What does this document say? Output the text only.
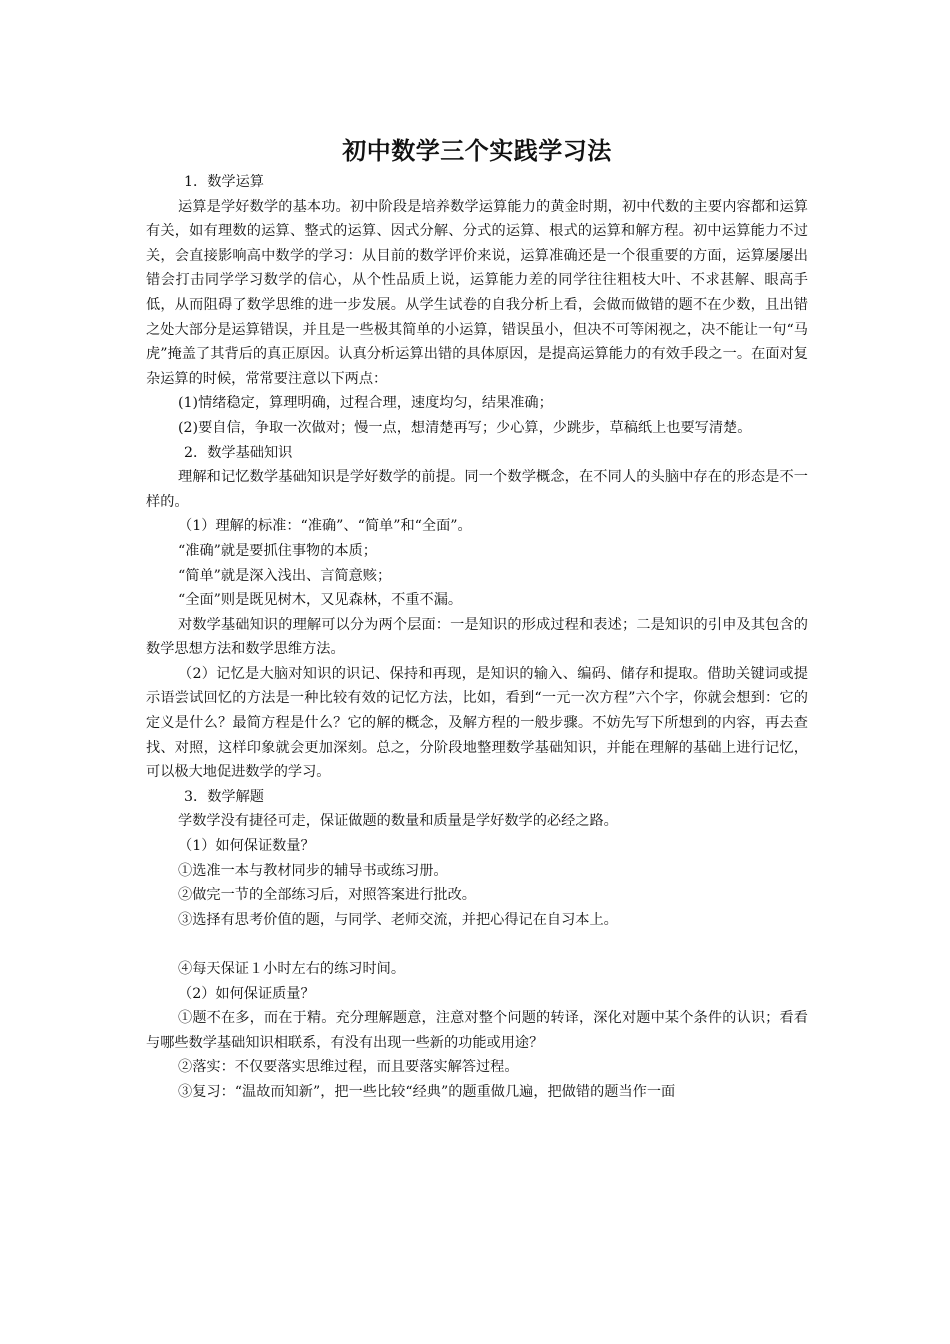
初中数学三个实践学习法

1．数学运算

运算是学好数学的基本功。初中阶段是培养数学运算能力的黄金时期，初中代数的主要内容都和运算有关，如有理数的运算、整式的运算、因式分解、分式的运算、根式的运算和解方程。初中运算能力不过关，会直接影响高中数学的学习：从目前的数学评价来说，运算准确还是一个很重要的方面，运算屡屡出错会打击同学学习数学的信心，从个性品质上说，运算能力差的同学往往粗枝大叶、不求甚解、眼高手低，从而阻碍了数学思维的进一步发展。从学生试卷的自我分析上看，会做而做错的题不在少数，且出错之处大部分是运算错误，并且是一些极其简单的小运算，错误虽小，但决不可等闲视之，决不能让一句“马虎”掩盖了其背后的真正原因。认真分析运算出错的具体原因，是提高运算能力的有效手段之一。在面对复杂运算的时候，常常要注意以下两点：

(1)情绪稳定，算理明确，过程合理，速度均匀，结果准确；

(2)要自信，争取一次做对；慢一点，想清楚再写；少心算，少跳步，草稿纸上也要写清楚。

2．数学基础知识

理解和记忆数学基础知识是学好数学的前提。同一个数学概念，在不同人的头脑中存在的形态是不一样的。

（1）理解的标准：“准确”、“简单”和“全面”。

“准确”就是要抓住事物的本质；

“简单”就是深入浅出、言简意赅；

“全面”则是既见树木，又见森林，不重不漏。

对数学基础知识的理解可以分为两个层面：一是知识的形成过程和表述；二是知识的引申及其包含的数学思想方法和数学思维方法。

（2）记忆是大脑对知识的识记、保持和再现，是知识的输入、编码、储存和提取。借助关键词或提示语尝试回忆的方法是一种比较有效的记忆方法，比如，看到“一元一次方程”六个字，你就会想到：它的定义是什么？最简方程是什么？它的解的概念，及解方程的一般步骤。不妨先写下所想到的内容，再去查找、对照，这样印象就会更加深刻。总之，分阶段地整理数学基础知识，并能在理解的基础上进行记忆，可以极大地促进数学的学习。

3．数学解题

学数学没有捷径可走，保证做题的数量和质量是学好数学的必经之路。

（1）如何保证数量？

①选准一本与教材同步的辅导书或练习册。

②做完一节的全部练习后，对照答案进行批改。

③选择有思考价值的题，与同学、老师交流，并把心得记在自习本上。

④每天保证１小时左右的练习时间。

（2）如何保证质量？

①题不在多，而在于精。充分理解题意，注意对整个问题的转译，深化对题中某个条件的认识；看看与哪些数学基础知识相联系，有没有出现一些新的功能或用途？

②落实：不仅要落实思维过程，而且要落实解答过程。

③复习：“温故而知新”，把一些比较“经典”的题重做几遍，把做错的题当作一面
